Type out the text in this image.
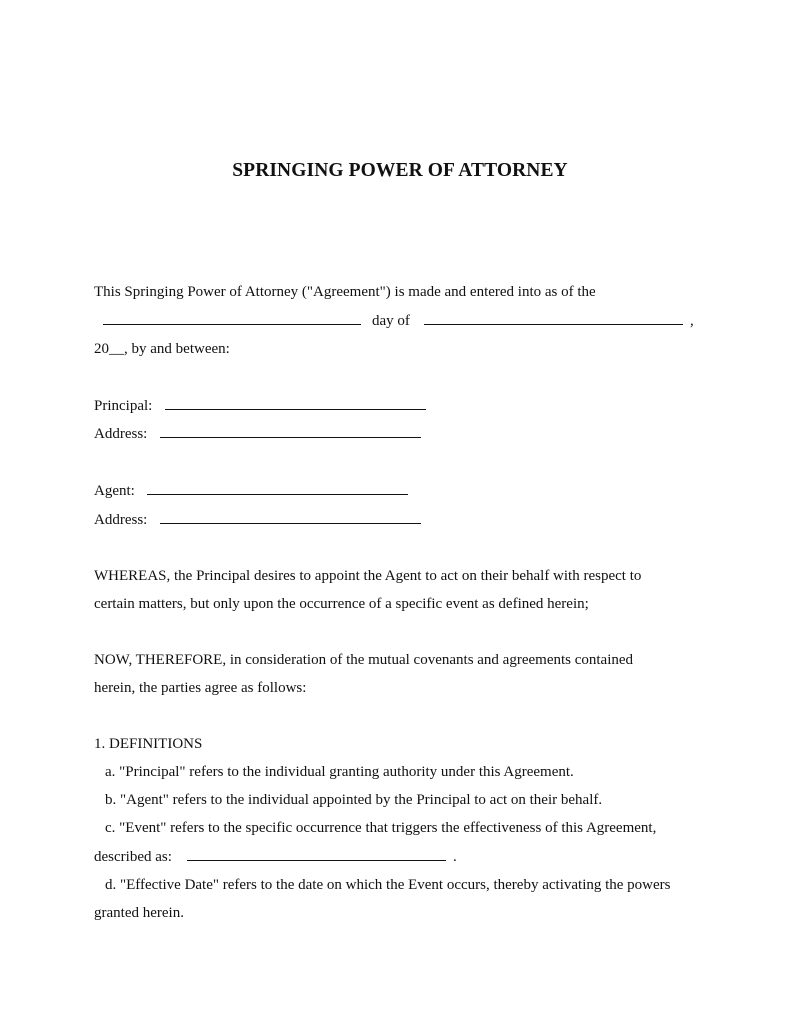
SPRINGING POWER OF ATTORNEY
This Springing Power of Attorney ("Agreement") is made and entered into as of the
day of	,
20__, by and between:
Principal:
Address:
Agent:
Address:
WHEREAS, the Principal desires to appoint the Agent to act on their behalf with respect to
certain matters, but only upon the occurrence of a specific event as defined herein;
NOW, THEREFORE, in consideration of the mutual covenants and agreements contained
herein, the parties agree as follows:
1. DEFINITIONS
a. "Principal" refers to the individual granting authority under this Agreement.
b. "Agent" refers to the individual appointed by the Principal to act on their behalf.
c. "Event" refers to the specific occurrence that triggers the effectiveness of this Agreement,
described as:	.
d. "Effective Date" refers to the date on which the Event occurs, thereby activating the powers
granted herein.
